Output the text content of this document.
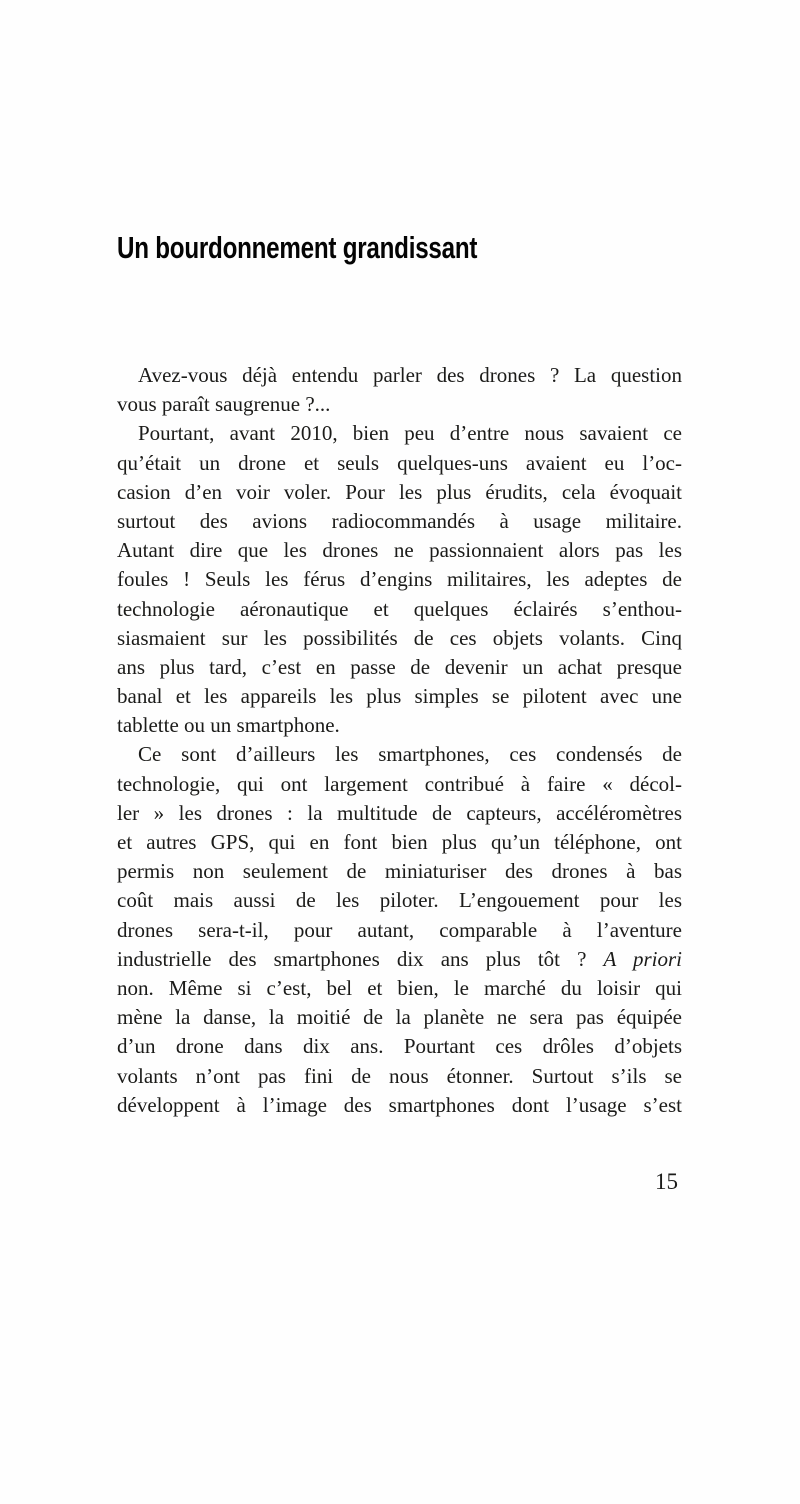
Un bourdonnement grandissant
Avez-vous déjà entendu parler des drones ? La question
vous paraît saugrenue ?...
Pourtant, avant 2010, bien peu d’entre nous savaient ce
qu’était un drone et seuls quelques-uns avaient eu l’oc-
casion d’en voir voler. Pour les plus érudits, cela évoquait
surtout des avions radiocommandés à usage militaire.
Autant dire que les drones ne passionnaient alors pas les
foules ! Seuls les férus d’engins militaires, les adeptes de
technologie aéronautique et quelques éclairés s’enthou-
siasmaient sur les possibilités de ces objets volants. Cinq
ans plus tard, c’est en passe de devenir un achat presque
banal et les appareils les plus simples se pilotent avec une
tablette ou un smartphone.
Ce sont d’ailleurs les smartphones, ces condensés de
technologie, qui ont largement contribué à faire « décol-
ler » les drones : la multitude de capteurs, accéléromètres
et autres GPS, qui en font bien plus qu’un téléphone, ont
permis non seulement de miniaturiser des drones à bas
coût mais aussi de les piloter. L’engouement pour les
drones sera-t-il, pour autant, comparable à l’aventure
industrielle des smartphones dix ans plus tôt ? A priori
non. Même si c’est, bel et bien, le marché du loisir qui
mène la danse, la moitié de la planète ne sera pas équipée
d’un drone dans dix ans. Pourtant ces drôles d’objets
volants n’ont pas fini de nous étonner. Surtout s’ils se
développent à l’image des smartphones dont l’usage s’est
15
